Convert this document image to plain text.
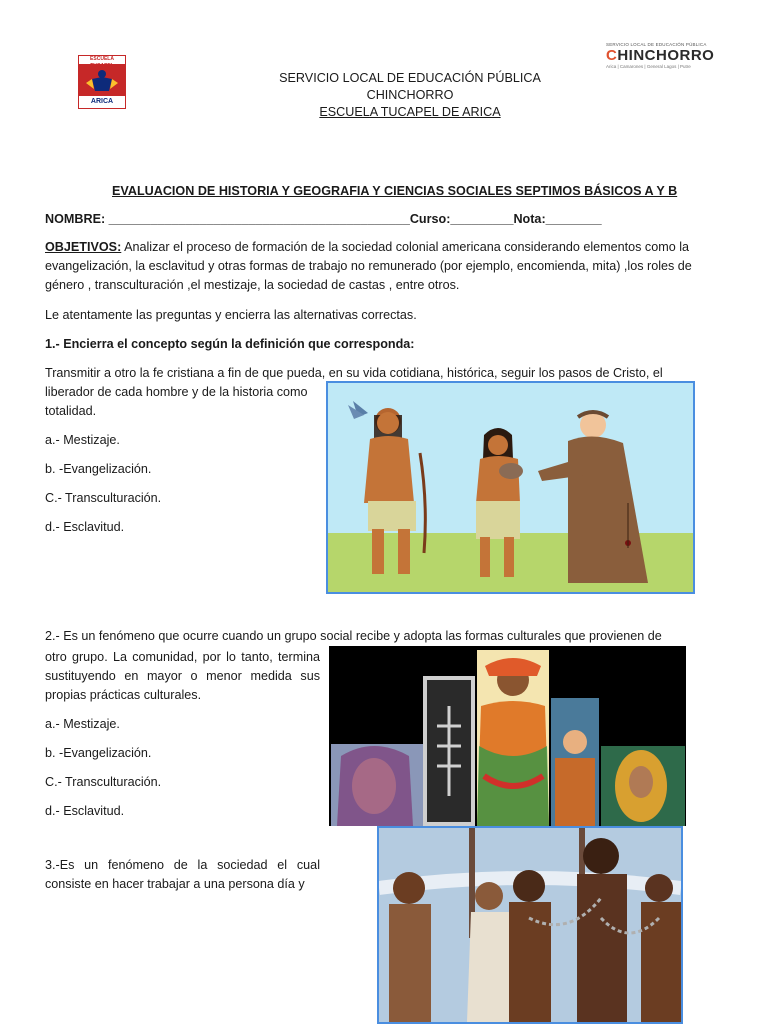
ESCUELA
ARICA
SERVICIO LOCAL DE EDUCACIÓN PÚBLICA
CHINCHORRO
ESCUELA TUCAPEL DE ARICA
SERVICIO LOCAL DE EDUCACIÓN PÚBLICA
CHINCHORRO
Arica | Camarones | General Lagos | Putre
EVALUACION DE HISTORIA Y GEOGRAFIA Y CIENCIAS SOCIALES SEPTIMOS BÁSICOS A Y B
NOMBRE: ___________________________________________Curso:_________Nota:________
OBJETIVOS: Analizar el proceso de formación de la sociedad colonial americana considerando elementos como la evangelización, la esclavitud y otras formas de trabajo no remunerado (por ejemplo, encomienda, mita) ,los roles de género , transculturación ,el mestizaje, la sociedad de castas , entre otros.
Le atentamente las preguntas y encierra las alternativas correctas.
1.- Encierra el concepto según la definición que corresponda:
Transmitir a otro la fe cristiana a fin de que pueda, en su vida cotidiana, histórica, seguir los pasos de Cristo, el
liberador de cada hombre y de la historia como totalidad.
a.- Mestizaje.
b. -Evangelización.
C.- Transculturación.
d.- Esclavitud.
2.- Es un fenómeno que ocurre cuando un grupo social recibe y adopta las formas culturales que provienen de
otro grupo. La comunidad, por lo tanto, termina sustituyendo en mayor o menor medida sus propias prácticas culturales.
a.- Mestizaje.
b. -Evangelización.
C.- Transculturación.
d.- Esclavitud.
3.-Es un fenómeno de la sociedad el cual consiste en hacer trabajar a una persona día y
